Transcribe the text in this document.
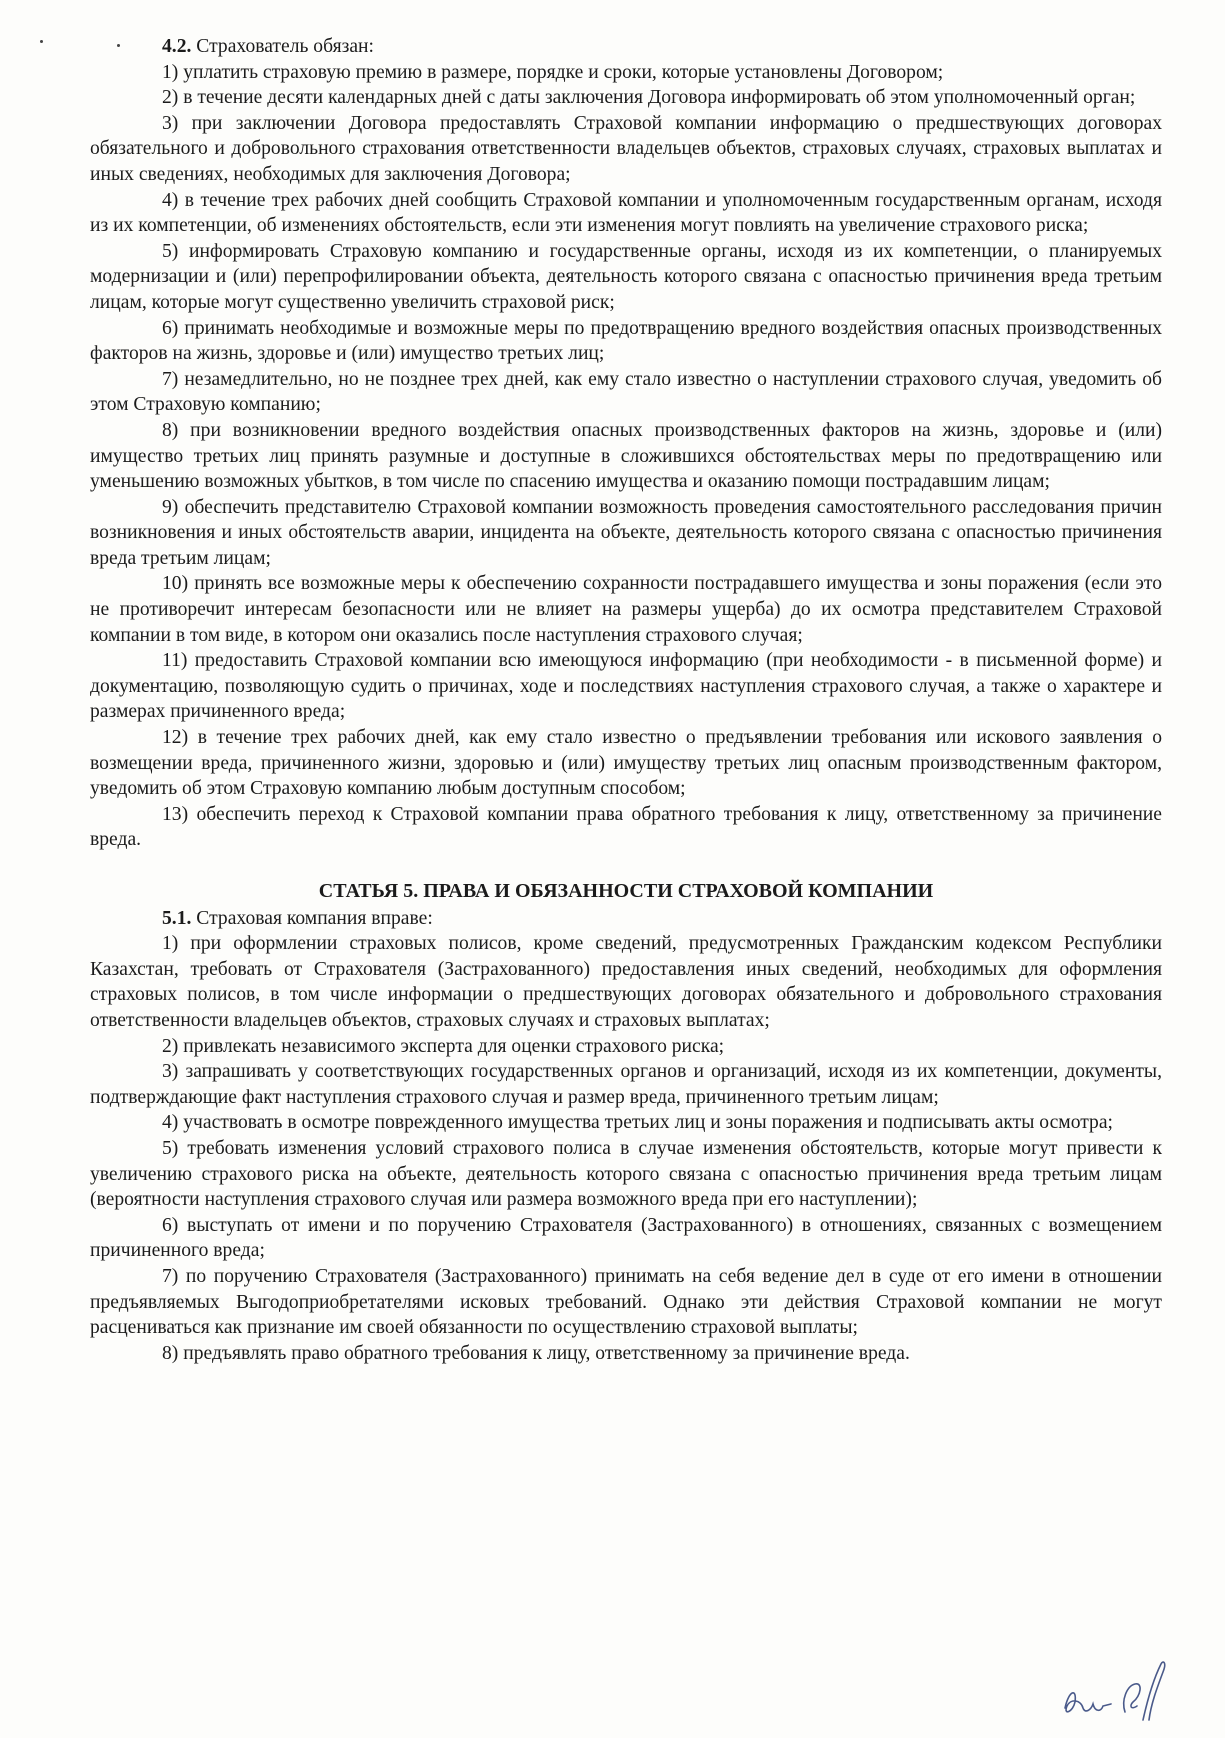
4.2. Страхователь обязан:

1) уплатить страховую премию в размере, порядке и сроки, которые установлены Договором;

2) в течение десяти календарных дней с даты заключения Договора информировать об этом уполномоченный орган;

3) при заключении Договора предоставлять Страховой компании информацию о предшествующих договорах обязательного и добровольного страхования ответственности владельцев объектов, страховых случаях, страховых выплатах и иных сведениях, необходимых для заключения Договора;

4) в течение трех рабочих дней сообщить Страховой компании и уполномоченным государственным органам, исходя из их компетенции, об изменениях обстоятельств, если эти изменения могут повлиять на увеличение страхового риска;

5) информировать Страховую компанию и государственные органы, исходя из их компетенции, о планируемых модернизации и (или) перепрофилировании объекта, деятельность которого связана с опасностью причинения вреда третьим лицам, которые могут существенно увеличить страховой риск;

6) принимать необходимые и возможные меры по предотвращению вредного воздействия опасных производственных факторов на жизнь, здоровье и (или) имущество третьих лиц;

7) незамедлительно, но не позднее трех дней, как ему стало известно о наступлении страхового случая, уведомить об этом Страховую компанию;

8) при возникновении вредного воздействия опасных производственных факторов на жизнь, здоровье и (или) имущество третьих лиц принять разумные и доступные в сложившихся обстоятельствах меры по предотвращению или уменьшению возможных убытков, в том числе по спасению имущества и оказанию помощи пострадавшим лицам;

9) обеспечить представителю Страховой компании возможность проведения самостоятельного расследования причин возникновения и иных обстоятельств аварии, инцидента на объекте, деятельность которого связана с опасностью причинения вреда третьим лицам;

10) принять все возможные меры к обеспечению сохранности пострадавшего имущества и зоны поражения (если это не противоречит интересам безопасности или не влияет на размеры ущерба) до их осмотра представителем Страховой компании в том виде, в котором они оказались после наступления страхового случая;

11) предоставить Страховой компании всю имеющуюся информацию (при необходимости - в письменной форме) и документацию, позволяющую судить о причинах, ходе и последствиях наступления страхового случая, а также о характере и размерах причиненного вреда;

12) в течение трех рабочих дней, как ему стало известно о предъявлении требования или искового заявления о возмещении вреда, причиненного жизни, здоровью и (или) имуществу третьих лиц опасным производственным фактором, уведомить об этом Страховую компанию любым доступным способом;

13) обеспечить переход к Страховой компании права обратного требования к лицу, ответственному за причинение вреда.

СТАТЬЯ 5. ПРАВА И ОБЯЗАННОСТИ СТРАХОВОЙ КОМПАНИИ

5.1. Страховая компания вправе:

1) при оформлении страховых полисов, кроме сведений, предусмотренных Гражданским кодексом Республики Казахстан, требовать от Страхователя (Застрахованного) предоставления иных сведений, необходимых для оформления страховых полисов, в том числе информации о предшествующих договорах обязательного и добровольного страхования ответственности владельцев объектов, страховых случаях и страховых выплатах;

2) привлекать независимого эксперта для оценки страхового риска;

3) запрашивать у соответствующих государственных органов и организаций, исходя из их компетенции, документы, подтверждающие факт наступления страхового случая и размер вреда, причиненного третьим лицам;

4) участвовать в осмотре поврежденного имущества третьих лиц и зоны поражения и подписывать акты осмотра;

5) требовать изменения условий страхового полиса в случае изменения обстоятельств, которые могут привести к увеличению страхового риска на объекте, деятельность которого связана с опасностью причинения вреда третьим лицам (вероятности наступления страхового случая или размера возможного вреда при его наступлении);

6) выступать от имени и по поручению Страхователя (Застрахованного) в отношениях, связанных с возмещением причиненного вреда;

7) по поручению Страхователя (Застрахованного) принимать на себя ведение дел в суде от его имени в отношении предъявляемых Выгодоприобретателями исковых требований. Однако эти действия Страховой компании не могут расцениваться как признание им своей обязанности по осуществлению страховой выплаты;

8) предъявлять право обратного требования к лицу, ответственному за причинение вреда.
